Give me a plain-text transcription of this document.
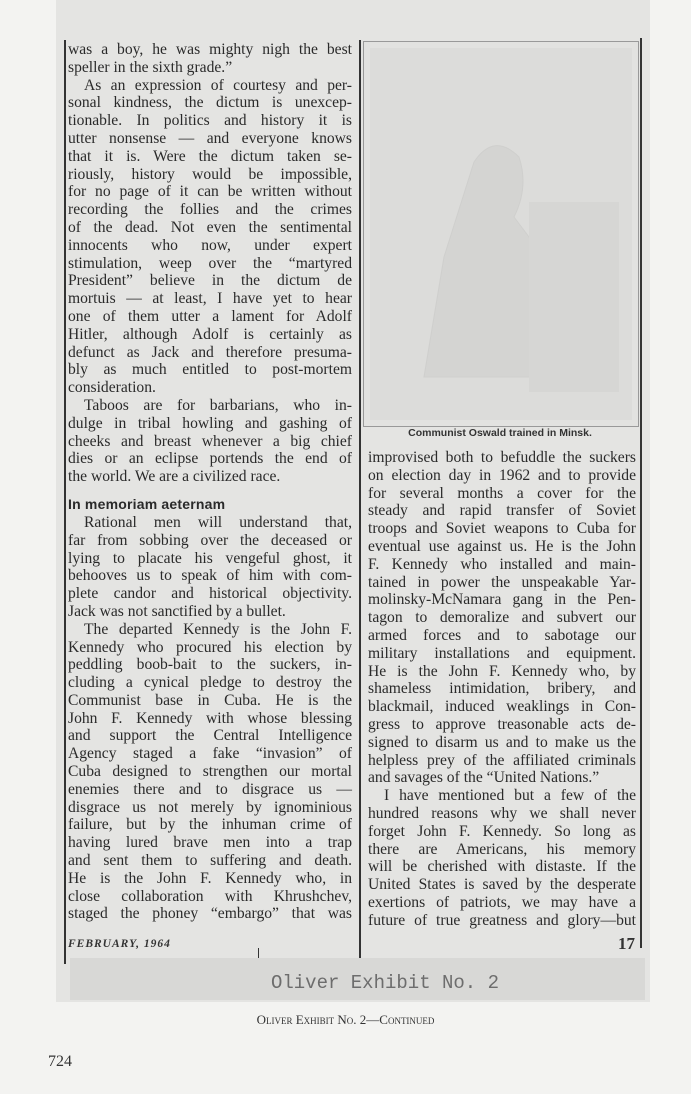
was a boy, he was mighty nigh the best
speller in the sixth grade.”
As an expression of courtesy and per-
sonal kindness, the dictum is unexcep-
tionable. In politics and history it is
utter nonsense — and everyone knows
that it is. Were the dictum taken se-
riously, history would be impossible,
for no page of it can be written without
recording the follies and the crimes
of the dead. Not even the sentimental
innocents who now, under expert
stimulation, weep over the “martyred
President” believe in the dictum de
mortuis — at least, I have yet to hear
one of them utter a lament for Adolf
Hitler, although Adolf is certainly as
defunct as Jack and therefore presuma-
bly as much entitled to post-mortem
consideration.
Taboos are for barbarians, who in-
dulge in tribal howling and gashing of
cheeks and breast whenever a big chief
dies or an eclipse portends the end of
the world. We are a civilized race.
In memoriam aeternam
Rational men will understand that,
far from sobbing over the deceased or
lying to placate his vengeful ghost, it
behooves us to speak of him with com-
plete candor and historical objectivity.
Jack was not sanctified by a bullet.
The departed Kennedy is the John F.
Kennedy who procured his election by
peddling boob-bait to the suckers, in-
cluding a cynical pledge to destroy the
Communist base in Cuba. He is the
John F. Kennedy with whose blessing
and support the Central Intelligence
Agency staged a fake “invasion” of
Cuba designed to strengthen our mortal
enemies there and to disgrace us —
disgrace us not merely by ignominious
failure, but by the inhuman crime of
having lured brave men into a trap
and sent them to suffering and death.
He is the John F. Kennedy who, in
close collaboration with Khrushchev,
staged the phoney “embargo” that was
Communist Oswald trained in Minsk.
improvised both to befuddle the suckers
on election day in 1962 and to provide
for several months a cover for the
steady and rapid transfer of Soviet
troops and Soviet weapons to Cuba for
eventual use against us. He is the John
F. Kennedy who installed and main-
tained in power the unspeakable Yar-
molinsky-McNamara gang in the Pen-
tagon to demoralize and subvert our
armed forces and to sabotage our
military installations and equipment.
He is the John F. Kennedy who, by
shameless intimidation, bribery, and
blackmail, induced weaklings in Con-
gress to approve treasonable acts de-
signed to disarm us and to make us the
helpless prey of the affiliated criminals
and savages of the “United Nations.”
I have mentioned but a few of the
hundred reasons why we shall never
forget John F. Kennedy. So long as
there are Americans, his memory
will be cherished with distaste. If the
United States is saved by the desperate
exertions of patriots, we may have a
future of true greatness and glory—but
FEBRUARY, 1964	17
Oliver Exhibit No. 2
Oliver Exhibit No. 2—Continued
724
